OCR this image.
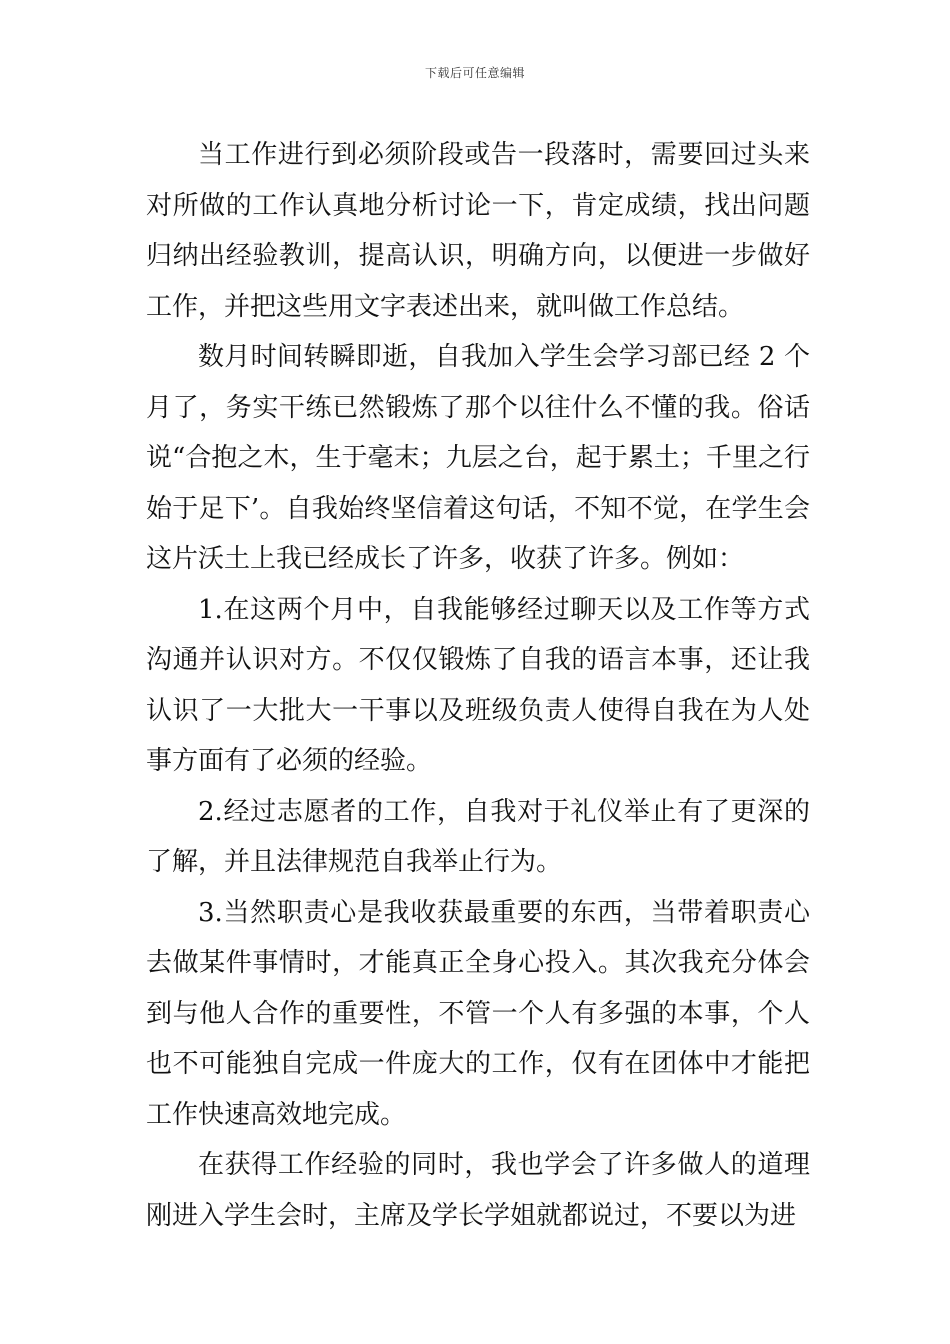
下载后可任意编辑

当工作进行到必须阶段或告一段落时，需要回过头来对所做的工作认真地分析讨论一下，肯定成绩，找出问题归纳出经验教训，提高认识，明确方向，以便进一步做好工作，并把这些用文字表述出来，就叫做工作总结。

数月时间转瞬即逝，自我加入学生会学习部已经 2 个月了，务实干练已然锻炼了那个以往什么不懂的我。俗话说“合抱之木，生于毫末；九层之台，起于累土；千里之行始于足下’。自我始终坚信着这句话，不知不觉，在学生会这片沃土上我已经成长了许多，收获了许多。例如：

1.在这两个月中，自我能够经过聊天以及工作等方式沟通并认识对方。不仅仅锻炼了自我的语言本事，还让我认识了一大批大一干事以及班级负责人使得自我在为人处事方面有了必须的经验。

2.经过志愿者的工作，自我对于礼仪举止有了更深的了解，并且法律规范自我举止行为。

3.当然职责心是我收获最重要的东西，当带着职责心去做某件事情时，才能真正全身心投入。其次我充分体会到与他人合作的重要性，不管一个人有多强的本事，个人也不可能独自完成一件庞大的工作，仅有在团体中才能把工作快速高效地完成。

在获得工作经验的同时，我也学会了许多做人的道理刚进入学生会时，主席及学长学姐就都说过，不要以为进
